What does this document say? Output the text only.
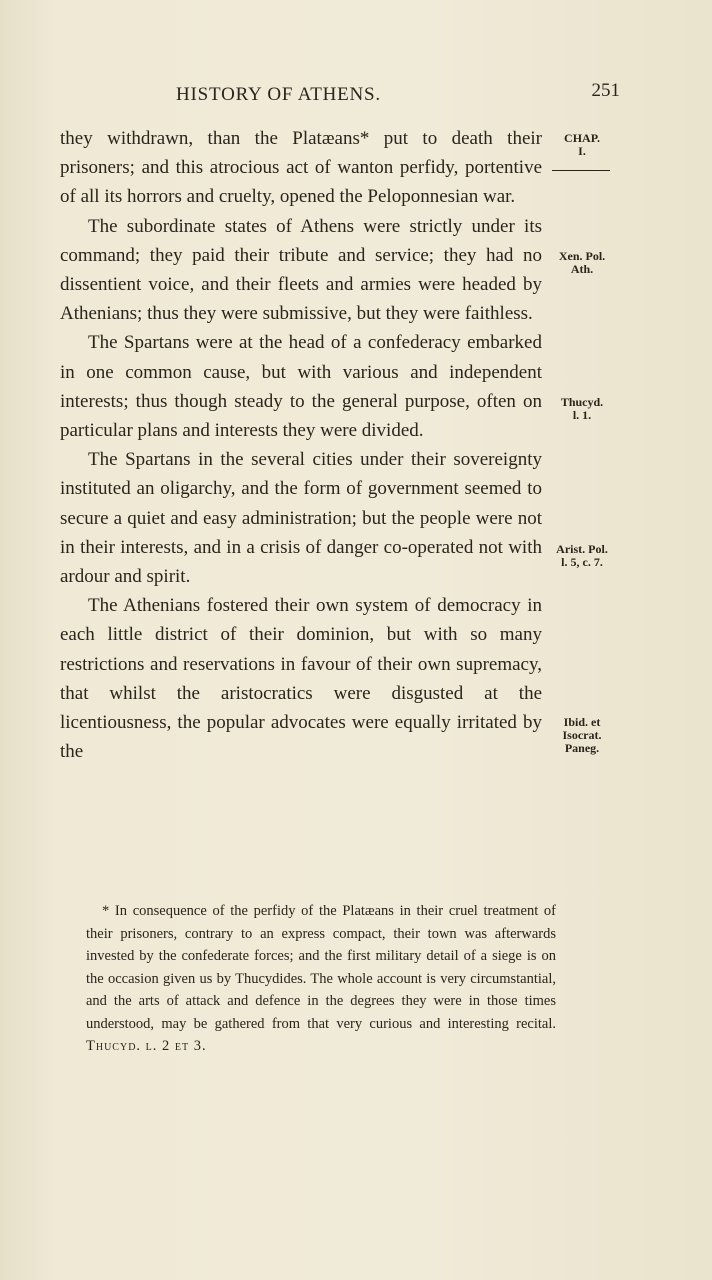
HISTORY OF ATHENS.	251

they withdrawn, than the Platæans* put to death their prisoners; and this atrocious act of wanton perfidy, portentive of all its horrors and cruelty, opened the Peloponnesian war.

The subordinate states of Athens were strictly under its command; they paid their tribute and service; they had no dissentient voice, and their fleets and armies were headed by Athenians; thus they were submissive, but they were faithless.

The Spartans were at the head of a confederacy embarked in one common cause, but with various and independent interests; thus though steady to the general purpose, often on particular plans and interests they were divided.

The Spartans in the several cities under their sovereignty instituted an oligarchy, and the form of government seemed to secure a quiet and easy administration; but the people were not in their interests, and in a crisis of danger co-operated not with ardour and spirit.

The Athenians fostered their own system of democracy in each little district of their dominion, but with so many restrictions and reservations in favour of their own supremacy, that whilst the aristocratics were disgusted at the licentiousness, the popular advocates were equally irritated by the

CHAP.
I.
Xen. Pol.
Ath.
Thucyd.
l. 1.
Arist. Pol.
l. 5, c. 7.
Ibid. et
Isocrat.
Paneg.
* In consequence of the perfidy of the Platæans in their cruel treatment of their prisoners, contrary to an express compact, their town was afterwards invested by the confederate forces; and the first military detail of a siege is on the occasion given us by Thucydides. The whole account is very circumstantial, and the arts of attack and defence in the degrees they were in those times understood, may be gathered from that very curious and interesting recital. Thucyd. l. 2 et 3.
